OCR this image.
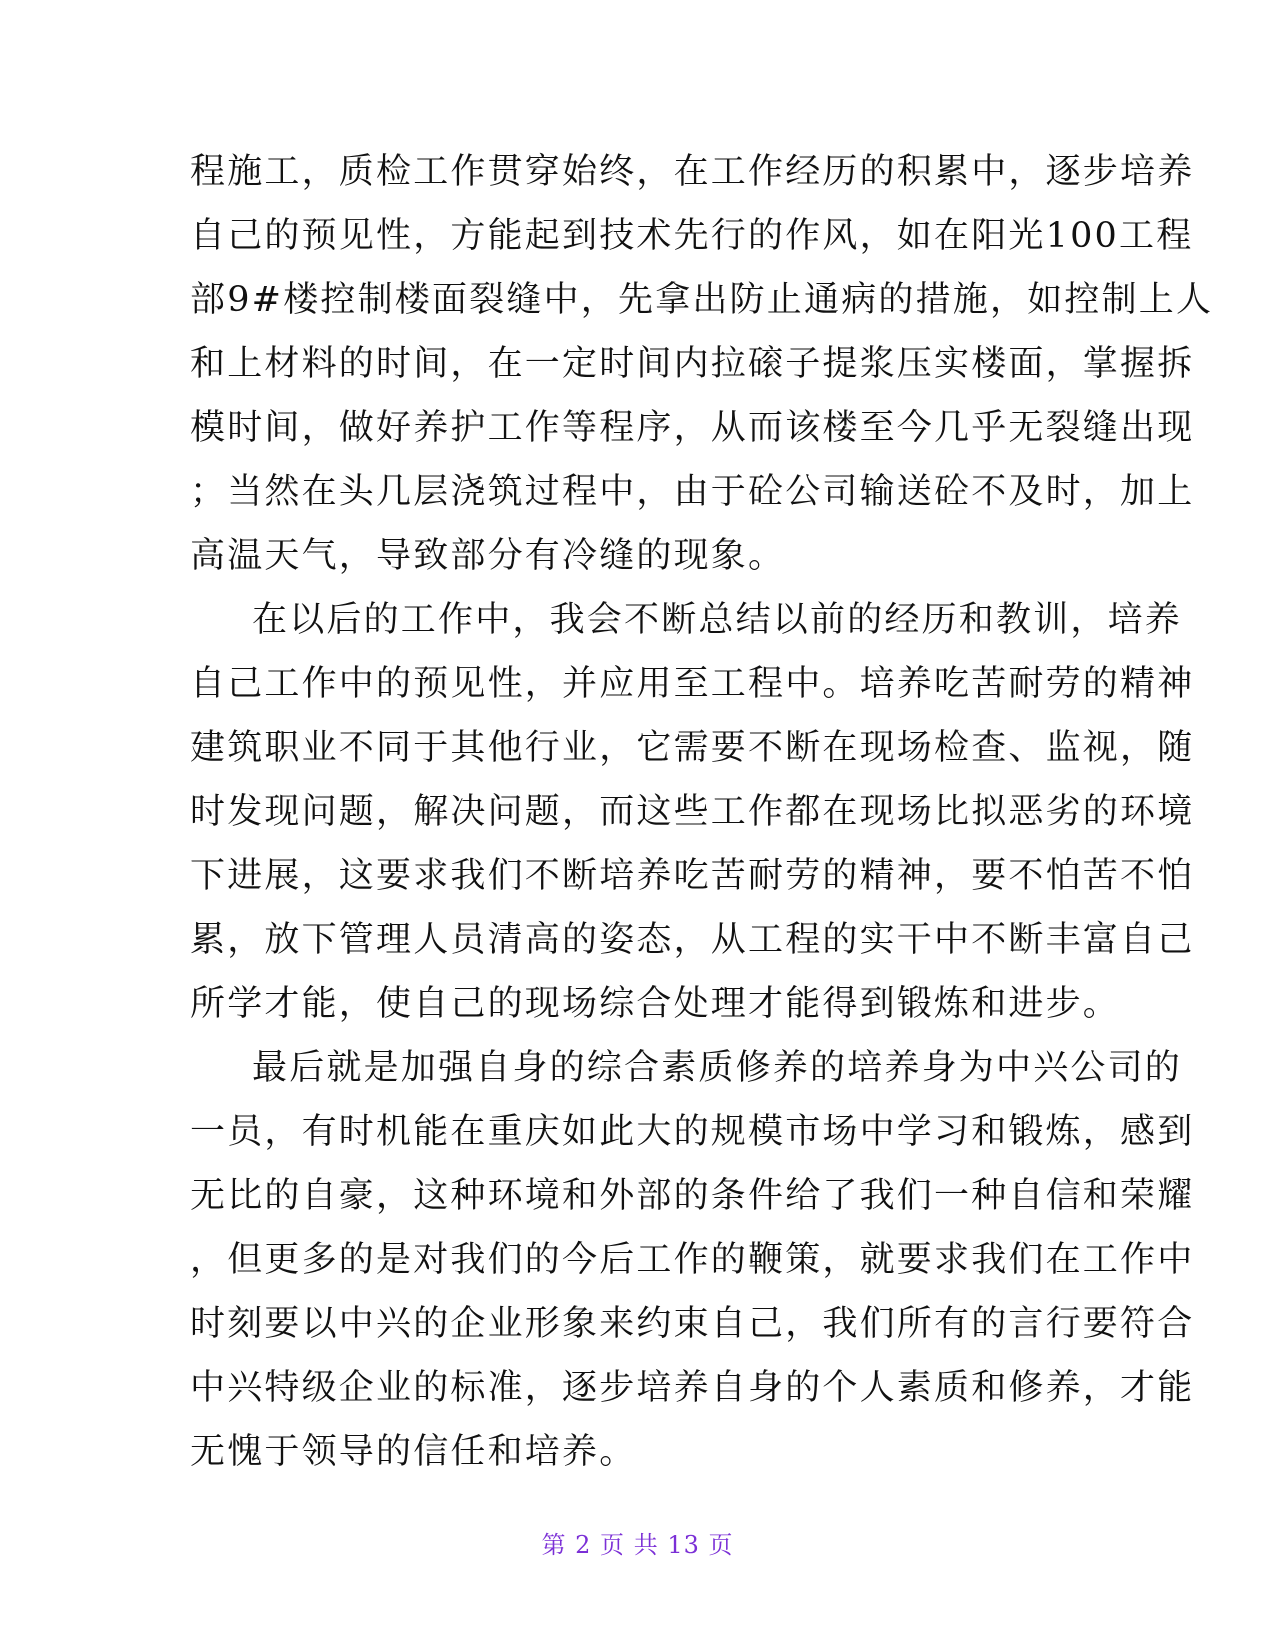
程施工，质检工作贯穿始终，在工作经历的积累中，逐步培养
自己的预见性，方能起到技术先行的作风，如在阳光100工程
部9#楼控制楼面裂缝中，先拿出防止通病的措施，如控制上人
和上材料的时间，在一定时间内拉磙子提浆压实楼面，掌握拆
模时间，做好养护工作等程序，从而该楼至今几乎无裂缝出现
；当然在头几层浇筑过程中，由于砼公司输送砼不及时，加上
高温天气，导致部分有冷缝的现象。
在以后的工作中，我会不断总结以前的经历和教训，培养
自己工作中的预见性，并应用至工程中。培养吃苦耐劳的精神
建筑职业不同于其他行业，它需要不断在现场检查、监视，随
时发现问题，解决问题，而这些工作都在现场比拟恶劣的环境
下进展，这要求我们不断培养吃苦耐劳的精神，要不怕苦不怕
累，放下管理人员清高的姿态，从工程的实干中不断丰富自己
所学才能，使自己的现场综合处理才能得到锻炼和进步。
最后就是加强自身的综合素质修养的培养身为中兴公司的
一员，有时机能在重庆如此大的规模市场中学习和锻炼，感到
无比的自豪，这种环境和外部的条件给了我们一种自信和荣耀
，但更多的是对我们的今后工作的鞭策，就要求我们在工作中
时刻要以中兴的企业形象来约束自己，我们所有的言行要符合
中兴特级企业的标准，逐步培养自身的个人素质和修养，才能
无愧于领导的信任和培养。
第 2 页 共 13 页
